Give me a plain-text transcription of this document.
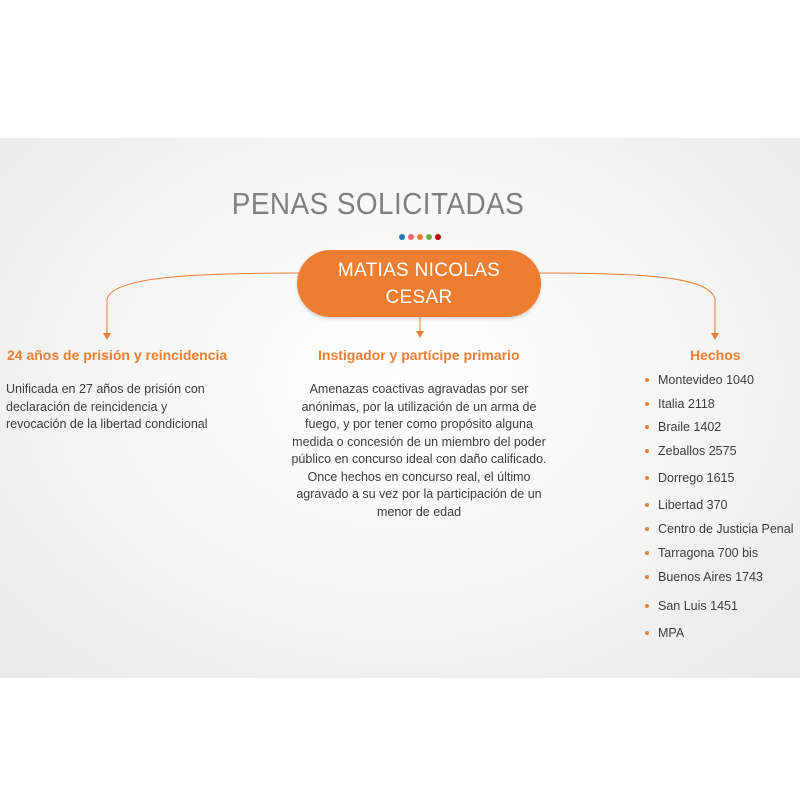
PENAS SOLICITADAS
MATIAS NICOLAS
CESAR
24 años de prisión y reincidencia
Unificada en 27 años de prisión con
declaración de reincidencia y
revocación de la libertad condicional
Instigador y partícipe primario
Amenazas coactivas agravadas por ser
anónimas, por la utilización de un arma de
fuego, y por tener como propósito alguna
medida o concesión de un miembro del poder
público en concurso ideal con daño calificado.
Once hechos en concurso real, el último
agravado a su vez por la participación de un
menor de edad
Hechos
Montevideo 1040
Italia 2118
Braile 1402
Zeballos 2575
Dorrego 1615
Libertad 370
Centro de Justicia Penal
Tarragona 700 bis
Buenos Aires 1743
San Luis 1451
MPA
